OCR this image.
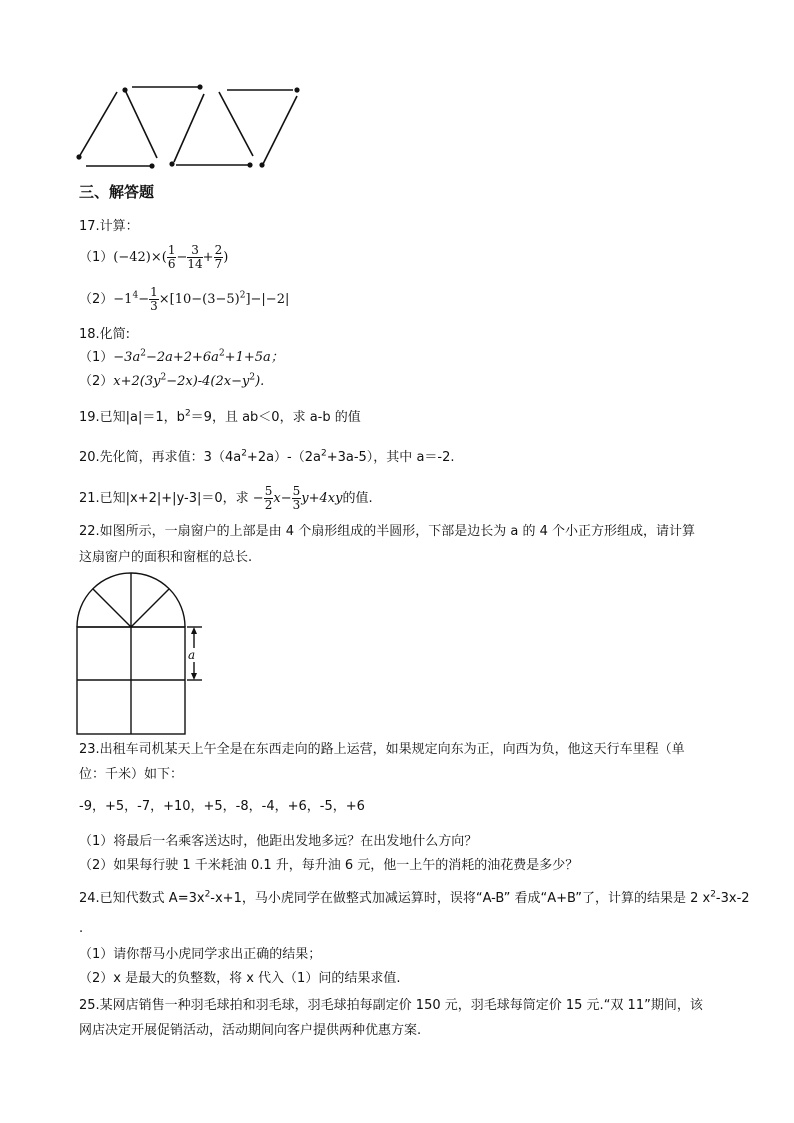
三、解答题
17.计算：
$(1)(-42)\times( \frac{1}{6} - \frac{3}{14} + \frac{2}{7}$ )
$(2)-1^4- \frac{1}{3} \times[10-(3-5)^2]-|-2|$
18.化简:
$(1)-3a^2-2a+2+6a^2+1+5a$；
$(2)x+2(3y^2-2x)-4(2x-y^2)$.
19.已知|a|＝1，$b^2=9$，且 ab＜0，求 a-b 的值
20.先化简，再求值：$3(4a^2+2a)-(2a^2+3a-5)$，其中 a＝-2.
21.已知|x+2|+|y-3|＝0，求 − $\frac{5}{2} x- \frac{5}{3} y+4xy$的值.
22.如图所示，一扇窗户的上部是由 4 个扇形组成的半圆形，下部是边长为 a 的 4 个小正方形组成，请计算
这扇窗户的面积和窗框的总长.
a
23.出租车司机某天上午全是在东西走向的路上运营，如果规定向东为正，向西为负，他这天行车里程（单
位：千米）如下：
-9，+5，-7，+10，+5，-8，-4，+6，-5，+6
（1）将最后一名乘客送达时，他距出发地多远？在出发地什么方向？
（2）如果每行驶 1 千米耗油 0.1 升，每升油 6 元，他一上午的消耗的油花费是多少？
24.已知代数式 $A=3x^2-x+1$，马小虎同学在做整式加减运算时，误将“A-B” 看成“A+B”了，计算的结果是 2 $x^2-3x-2$
.
（1）请你帮马小虎同学求出正确的结果；
（2）x 是最大的负整数，将 x 代入（1）问的结果求值.
25.某网店销售一种羽毛球拍和羽毛球，羽毛球拍每副定价 150 元，羽毛球每筒定价 15 元.“双 11”期间，该
网店决定开展促销活动，活动期间向客户提供两种优惠方案.
